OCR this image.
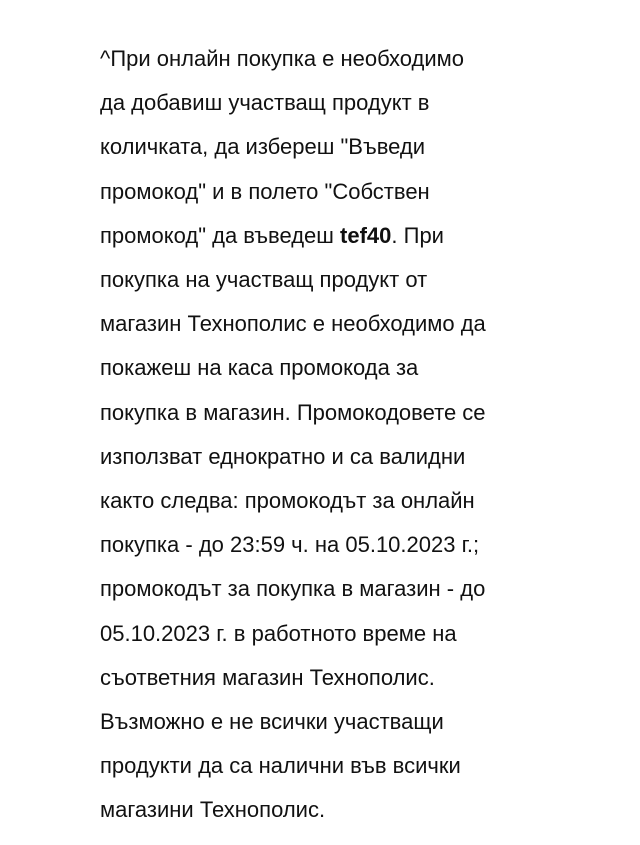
^При онлайн покупка е необходимо
да добавиш участващ продукт в
количката, да избереш "Въведи
промокод" и в полето "Собствен
промокод" да въведеш tef40. При
покупка на участващ продукт от
магазин Технополис е необходимо да
покажеш на каса промокода за
покупка в магазин. Промокодовете се
използват еднократно и са валидни
както следва: промокодът за онлайн
покупка - до 23:59 ч. на 05.10.2023 г.;
промокодът за покупка в магазин - до
05.10.2023 г. в работното време на
съответния магазин Технополис.
Възможно е не всички участващи
продукти да са налични във всички
магазини Технополис.
